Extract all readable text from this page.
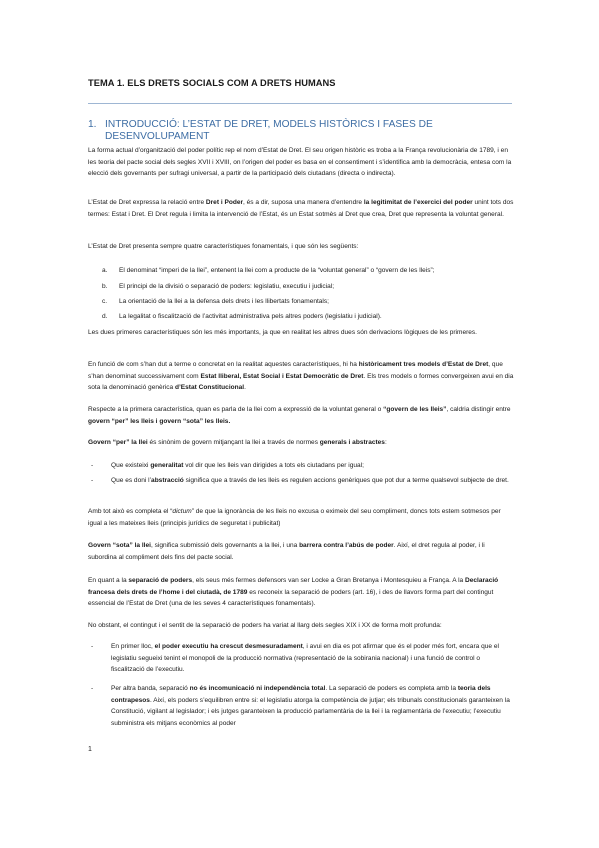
TEMA 1. ELS DRETS SOCIALS COM A DRETS HUMANS
1. INTRODUCCIÓ: L’ESTAT DE DRET, MODELS HISTÒRICS I FASES DE DESENVOLUPAMENT

La forma actual d’organització del poder polític rep el nom d’Estat de Dret. El seu origen històric es troba a la França revolucionària de 1789, i en les teoria del pacte social dels segles XVII i XVIII, on l’origen del poder es basa en el consentiment i s’identifica amb la democràcia, entesa com la elecció dels governants per sufragi universal, a partir de la participació dels ciutadans (directa o indirecta).

L’Estat de Dret expressa la relació entre Dret i Poder, és a dir, suposa una manera d’entendre la legitimitat de l’exercici del poder unint tots dos termes: Estat i Dret. El Dret regula i limita la intervenció de l’Estat, és un Estat sotmès al Dret que crea, Dret que representa la voluntat general.

L’Estat de Dret presenta sempre quatre característiques fonamentals, i que són les següents:

a. El denominat “imperi de la llei”, entenent la llei com a producte de la “voluntat general” o “govern de les lleis”;
b. El principi de la divisió o separació de poders: legislatiu, executiu i judicial;
c. La orientació de la llei a la defensa dels drets i les llibertats fonamentals;
d. La legalitat o fiscalització de l’activitat administrativa pels altres poders (legislatiu i judicial).

Les dues primeres característiques són les més importants, ja que en realitat les altres dues són derivacions lògiques de les primeres.

En funció de com s’han dut a terme o concretat en la realitat aquestes característiques, hi ha històricament tres models d’Estat de Dret, que s’han denominat successivament com Estat lliberal, Estat Social i Estat Democràtic de Dret. Els tres models o formes convergeixen avui en dia sota la denominació genèrica d’Estat Constitucional.

Respecte a la primera característica, quan es parla de la llei com a expressió de la voluntat general o “govern de les lleis”, caldria distingir entre govern “per” les lleis i govern “sota” les lleis.

Govern “per” la llei és sinònim de govern mitjançant la llei a través de normes generals i abstractes:

-	Que existeixi generalitat vol dir que les lleis van dirigides a tots els ciutadans per igual;
-	Que es doni l’abstracció significa que a través de les lleis es regulen accions genèriques que pot dur a terme qualsevol subjecte de dret.

Amb tot això es completa el “dictum” de que la ignorància de les lleis no excusa o eximeix del seu compliment, doncs tots estem sotmesos per igual a les mateixes lleis (principis jurídics de seguretat i publicitat)

Govern “sota” la llei, significa submissió dels governants a la llei, i una barrera contra l’abús de poder. Així, el dret regula al poder, i li subordina al compliment dels fins del pacte social.

En quant a la separació de poders, els seus més fermes defensors van ser Locke a Gran Bretanya i Montesquieu a França. A la Declaració francesa dels drets de l’home i del ciutadà, de 1789 es reconeix la separació de poders (art. 16), i des de llavors forma part del contingut essencial de l’Estat de Dret (una de les seves 4 característiques fonamentals).

No obstant, el contingut i el sentit de la separació de poders ha variat al llarg dels segles XIX i XX de forma molt profunda:

-	En primer lloc, el poder executiu ha crescut desmesuradament, i avui en dia es pot afirmar que és el poder més fort, encara que el legislatiu segueixi tenint el monopoli de la producció normativa (representació de la sobirania nacional) i una funció de control o fiscalització de l’executiu.
-	Per altra banda, separació no és incomunicació ni independència total. La separació de poders es completa amb la teoria dels contrapesos. Així, els poders s’equilibren entre si: el legislatiu atorga la competència de jutjar; els tribunals constitucionals garanteixen la Constitució, vigilant al legislador; i els jutges garanteixen la producció parlamentària de la llei i la reglamentària de l’executiu; l’executiu subministra els mitjans econòmics al poder
1
